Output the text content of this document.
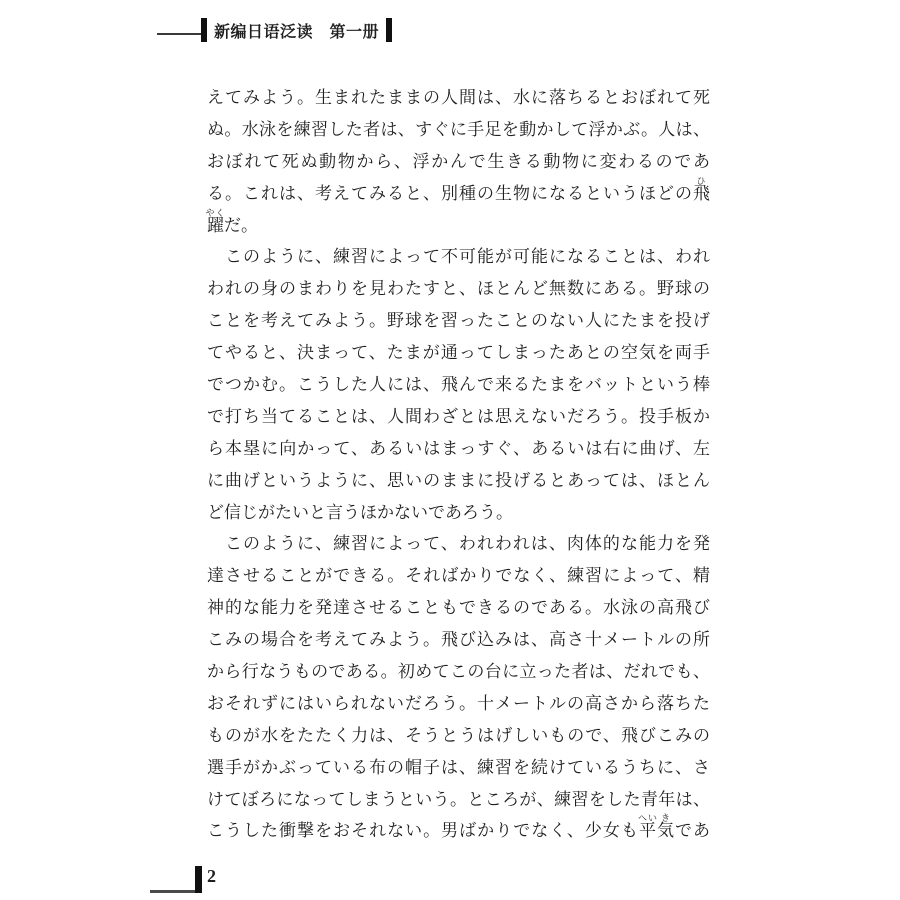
新编日语泛读　第一册
えてみよう。生まれたままの人間は、水に落ちるとおぼれて死
ぬ。水泳を練習した者は、すぐに手足を動かして浮かぶ。人は、
おぼれて死ぬ動物から、浮かんで生きる動物に変わるのであ
る。これは、考えてみると、別種の生物になるというほどの
ひ
飛
やく
躍だ。
　このように、練習によって不可能が可能になることは、われ
われの身のまわりを見わたすと、ほとんど無数にある。野球の
ことを考えてみよう。野球を習ったことのない人にたまを投げ
てやると、決まって、たまが通ってしまったあとの空気を両手
でつかむ。こうした人には、飛んで来るたまをバットという棒
で打ち当てることは、人間わざとは思えないだろう。投手板か
ら本塁に向かって、あるいはまっすぐ、あるいは右に曲げ、左
に曲げというように、思いのままに投げるとあっては、ほとん
ど信じがたいと言うほかないであろう。
　このように、練習によって、われわれは、肉体的な能力を発
達させることができる。そればかりでなく、練習によって、精
神的な能力を発達させることもできるのである。水泳の高飛び
こみの場合を考えてみよう。飛び込みは、高さ十メートルの所
から行なうものである。初めてこの台に立った者は、だれでも、
おそれずにはいられないだろう。十メートルの高さから落ちた
ものが水をたたく力は、そうとうはげしいもので、飛びこみの
選手がかぶっている布の帽子は、練習を続けているうちに、さ
けてぼろになってしまうという。ところが、練習をした青年は、
こうした衝撃をおそれない。男ばかりでなく、少女も
へい
平
き
気であ
2
